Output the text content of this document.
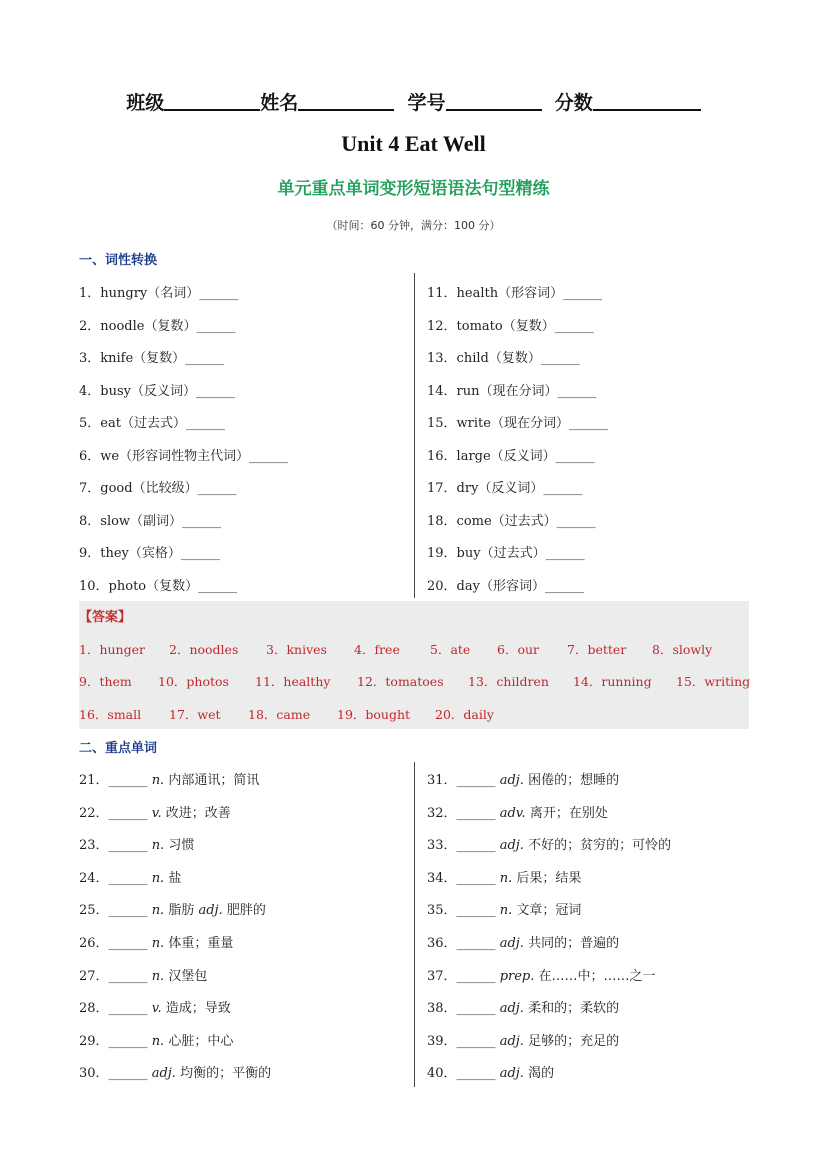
班级	姓名	学号	分数
Unit 4 Eat Well
单元重点单词变形短语语法句型精练
（时间：60 分钟，满分：100 分）
一、词性转换
1．hungry（名词）______
2．noodle（复数）______
3．knife（复数）______
4．busy（反义词）______
5．eat（过去式）______
6．we（形容词性物主代词）______
7．good（比较级）______
8．slow（副词）______
9．they（宾格）______
10．photo（复数）______
11．health（形容词）______
12．tomato（复数）______
13．child（复数）______
14．run（现在分词）______
15．write（现在分词）______
16．large（反义词）______
17．dry（反义词）______
18．come（过去式）______
19．buy（过去式）______
20．day（形容词）______
【答案】
1．hunger 2．noodles 3．knives 4．free 5．ate 6．our 7．better 8．slowly
9．them 10．photos 11．healthy 12．tomatoes 13．children 14．running 15．writing
16．small 17．wet 18．came 19．bought 20．daily
二、重点单词
21．______ n. 内部通讯；简讯
22．______ v. 改进；改善
23．______ n. 习惯
24．______ n. 盐
25．______ n. 脂肪 adj. 肥胖的
26．______ n. 体重；重量
27．______ n. 汉堡包
28．______ v. 造成；导致
29．______ n. 心脏；中心
30．______ adj. 均衡的；平衡的
31．______ adj. 困倦的；想睡的
32．______ adv. 离开；在别处
33．______ adj. 不好的；贫穷的；可怜的
34．______ n. 后果；结果
35．______ n. 文章；冠词
36．______ adj. 共同的；普遍的
37．______ prep. 在……中；……之一
38．______ adj. 柔和的；柔软的
39．______ adj. 足够的；充足的
40．______ adj. 渴的
